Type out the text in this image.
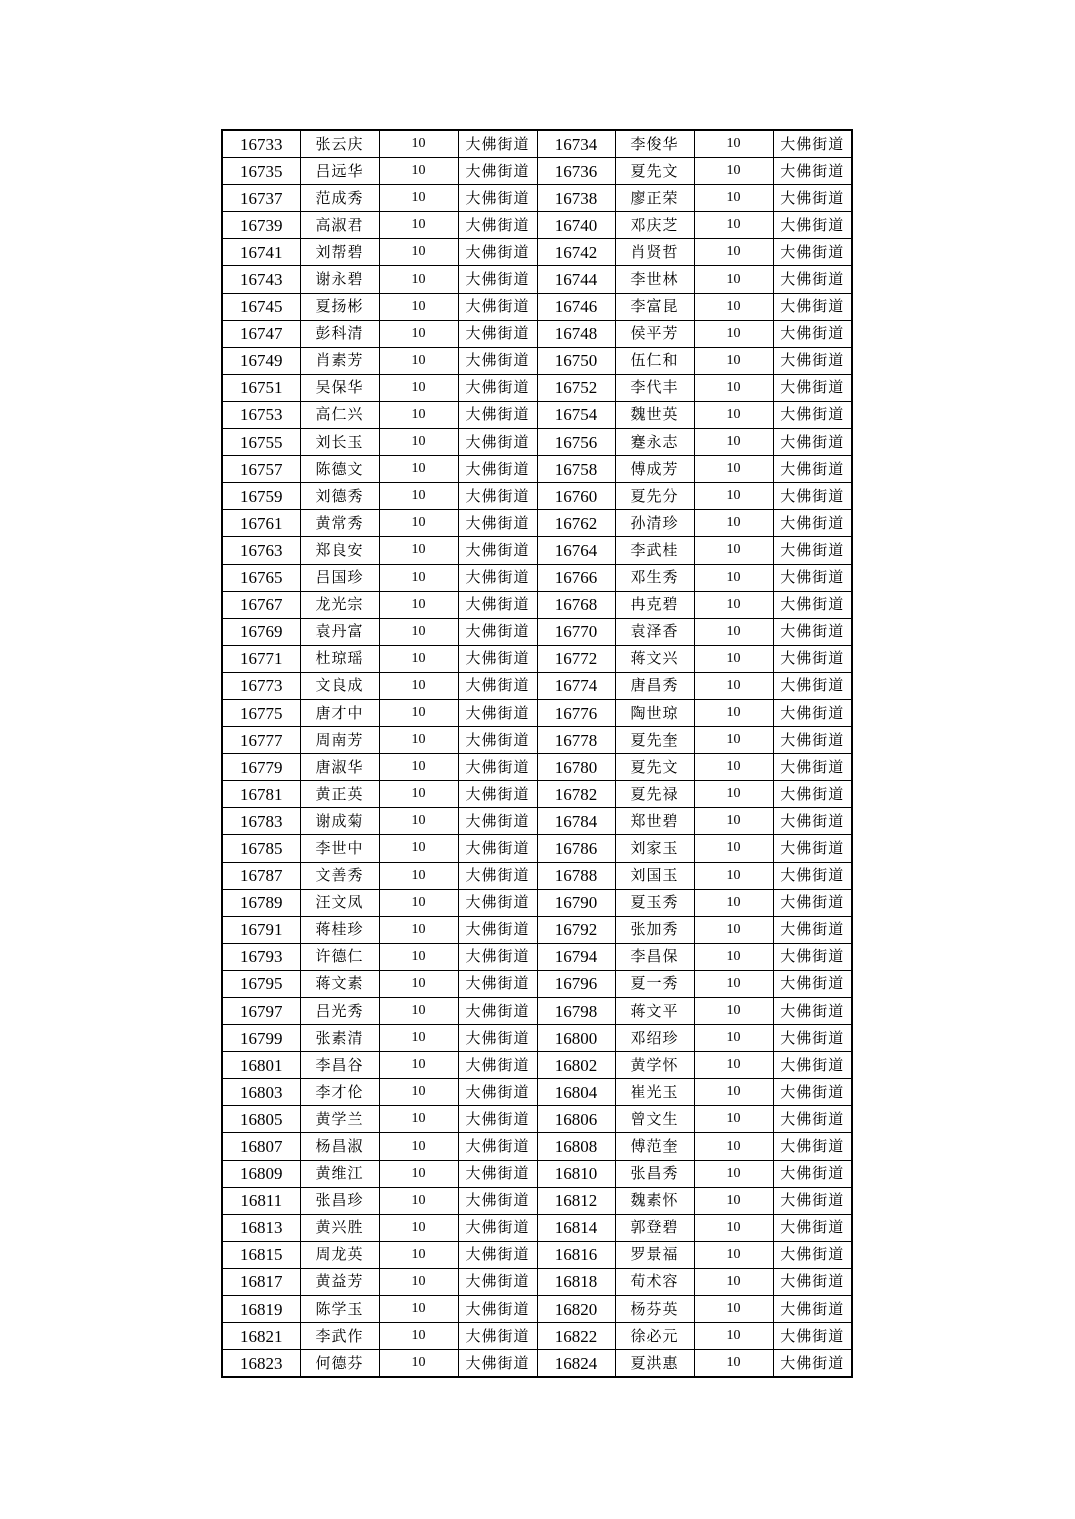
16733	张云庆	10	大佛街道	16734	李俊华	10	大佛街道
16735	吕远华	10	大佛街道	16736	夏先文	10	大佛街道
16737	范成秀	10	大佛街道	16738	廖正荣	10	大佛街道
16739	高淑君	10	大佛街道	16740	邓庆芝	10	大佛街道
16741	刘帮碧	10	大佛街道	16742	肖贤哲	10	大佛街道
16743	谢永碧	10	大佛街道	16744	李世林	10	大佛街道
16745	夏扬彬	10	大佛街道	16746	李富昆	10	大佛街道
16747	彭科清	10	大佛街道	16748	侯平芳	10	大佛街道
16749	肖素芳	10	大佛街道	16750	伍仁和	10	大佛街道
16751	吴保华	10	大佛街道	16752	李代丰	10	大佛街道
16753	高仁兴	10	大佛街道	16754	魏世英	10	大佛街道
16755	刘长玉	10	大佛街道	16756	蹇永志	10	大佛街道
16757	陈德文	10	大佛街道	16758	傅成芳	10	大佛街道
16759	刘德秀	10	大佛街道	16760	夏先分	10	大佛街道
16761	黄常秀	10	大佛街道	16762	孙清珍	10	大佛街道
16763	郑良安	10	大佛街道	16764	李武桂	10	大佛街道
16765	吕国珍	10	大佛街道	16766	邓生秀	10	大佛街道
16767	龙光宗	10	大佛街道	16768	冉克碧	10	大佛街道
16769	袁丹富	10	大佛街道	16770	袁泽香	10	大佛街道
16771	杜琼瑶	10	大佛街道	16772	蒋文兴	10	大佛街道
16773	文良成	10	大佛街道	16774	唐昌秀	10	大佛街道
16775	唐才中	10	大佛街道	16776	陶世琼	10	大佛街道
16777	周南芳	10	大佛街道	16778	夏先奎	10	大佛街道
16779	唐淑华	10	大佛街道	16780	夏先文	10	大佛街道
16781	黄正英	10	大佛街道	16782	夏先禄	10	大佛街道
16783	谢成菊	10	大佛街道	16784	郑世碧	10	大佛街道
16785	李世中	10	大佛街道	16786	刘家玉	10	大佛街道
16787	文善秀	10	大佛街道	16788	刘国玉	10	大佛街道
16789	汪文凤	10	大佛街道	16790	夏玉秀	10	大佛街道
16791	蒋桂珍	10	大佛街道	16792	张加秀	10	大佛街道
16793	许德仁	10	大佛街道	16794	李昌保	10	大佛街道
16795	蒋文素	10	大佛街道	16796	夏一秀	10	大佛街道
16797	吕光秀	10	大佛街道	16798	蒋文平	10	大佛街道
16799	张素清	10	大佛街道	16800	邓绍珍	10	大佛街道
16801	李昌谷	10	大佛街道	16802	黄学怀	10	大佛街道
16803	李才伦	10	大佛街道	16804	崔光玉	10	大佛街道
16805	黄学兰	10	大佛街道	16806	曾文生	10	大佛街道
16807	杨昌淑	10	大佛街道	16808	傅范奎	10	大佛街道
16809	黄维江	10	大佛街道	16810	张昌秀	10	大佛街道
16811	张昌珍	10	大佛街道	16812	魏素怀	10	大佛街道
16813	黄兴胜	10	大佛街道	16814	郭登碧	10	大佛街道
16815	周龙英	10	大佛街道	16816	罗景福	10	大佛街道
16817	黄益芳	10	大佛街道	16818	荀术容	10	大佛街道
16819	陈学玉	10	大佛街道	16820	杨芬英	10	大佛街道
16821	李武作	10	大佛街道	16822	徐必元	10	大佛街道
16823	何德芬	10	大佛街道	16824	夏洪惠	10	大佛街道
